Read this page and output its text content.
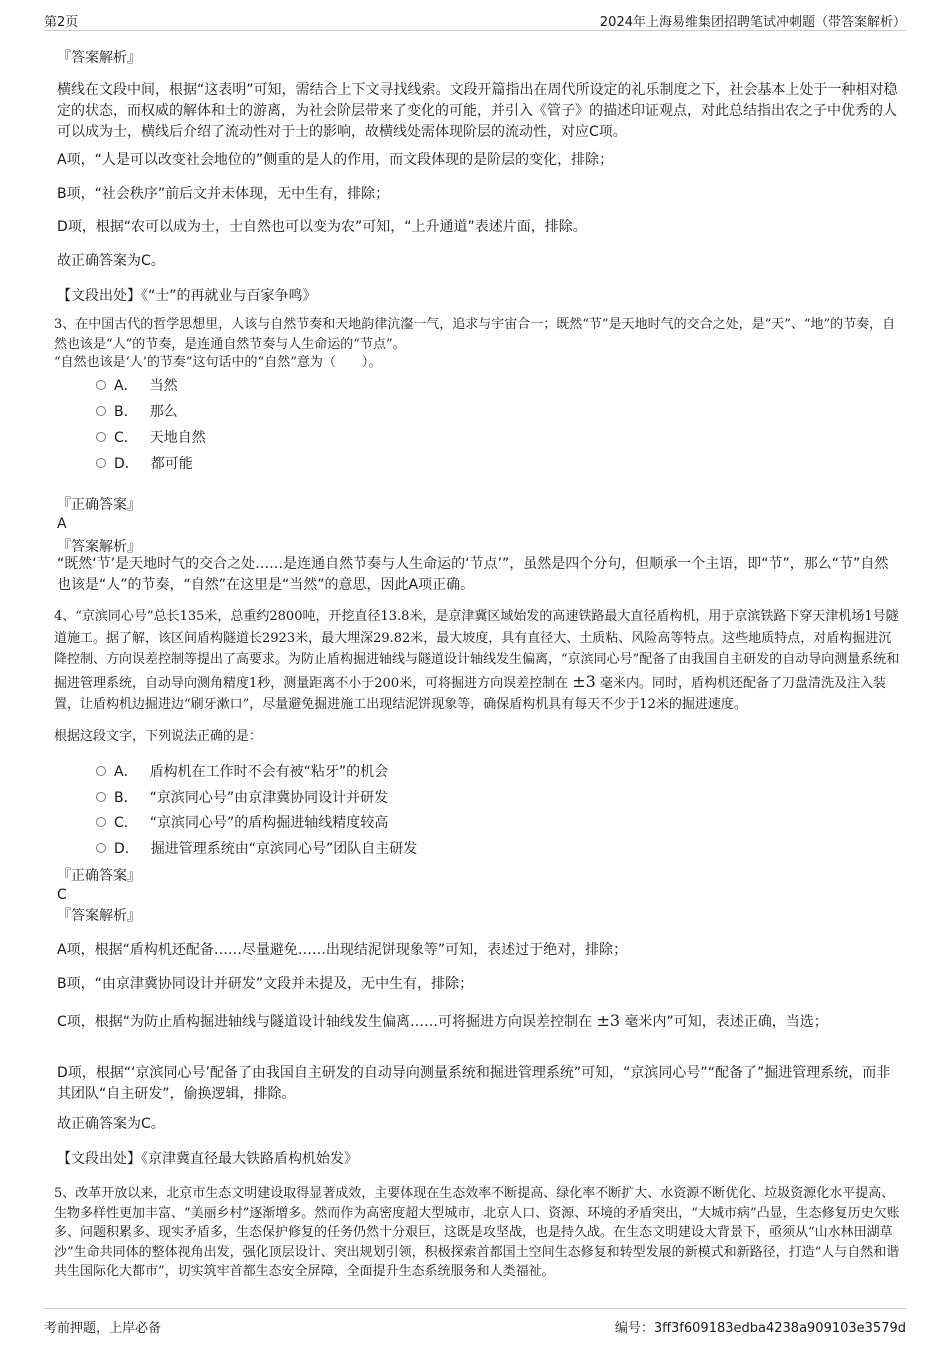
第2页	2024年上海易维集团招聘笔试冲刺题（带答案解析）
『答案解析』
横线在文段中间，根据“这表明”可知，需结合上下文寻找线索。文段开篇指出在周代所设定的礼乐制度之下，社会基本上处于一种相对稳定的状态，而权威的解体和士的游离，为社会阶层带来了变化的可能，并引入《管子》的描述印证观点，对此总结指出农之子中优秀的人可以成为士，横线后介绍了流动性对于士的影响，故横线处需体现阶层的流动性，对应C项。
A项，“人是可以改变社会地位的”侧重的是人的作用，而文段体现的是阶层的变化，排除；
B项，“社会秩序”前后文并未体现，无中生有，排除；
D项，根据“农可以成为士，士自然也可以变为农”可知，“上升通道”表述片面，排除。
故正确答案为C。
【文段出处】《“士”的再就业与百家争鸣》
3、在中国古代的哲学思想里，人该与自然节奏和天地韵律沆瀣一气，追求与宇宙合一；既然“节”是天地时气的交合之处，是“天”、“地”的节奏，自然也该是“人”的节奏，是连通自然节奏与人生命运的“节点”。
“自然也该是‘人’的节奏”这句话中的“自然”意为（　　）。
A． 当然
B． 那么
C． 天地自然
D． 都可能
『正确答案』
A
『答案解析』
“既然‘节’是天地时气的交合之处……是连通自然节奏与人生命运的‘节点’”，虽然是四个分句，但顺承一个主语，即“节”，那么“节”自然也该是“人”的节奏，“自然”在这里是“当然”的意思，因此A项正确。
4、“京滨同心号”总长135米，总重约2800吨，开挖直径13.8米，是京津冀区域始发的高速铁路最大直径盾构机，用于京滨铁路下穿天津机场1号隧道施工。据了解，该区间盾构隧道长2923米，最大埋深29.82米，最大坡度，具有直径大、土质粘、风险高等特点。这些地质特点，对盾构掘进沉降控制、方向误差控制等提出了高要求。为防止盾构掘进轴线与隧道设计轴线发生偏离，“京滨同心号”配备了由我国自主研发的自动导向测量系统和掘进管理系统，自动导向测角精度1秒，测量距离不小于200米，可将掘进方向误差控制在 ±3 毫米内。同时，盾构机还配备了刀盘清洗及注入装置，让盾构机边掘进边“刷牙漱口”，尽量避免掘进施工出现结泥饼现象等，确保盾构机具有每天不少于12米的掘进速度。
根据这段文字，下列说法正确的是：
A． 盾构机在工作时不会有被“粘牙”的机会
B． “京滨同心号”由京津冀协同设计并研发
C． “京滨同心号”的盾构掘进轴线精度较高
D． 掘进管理系统由“京滨同心号”团队自主研发
『正确答案』
C
『答案解析』
A项，根据“盾构机还配备……尽量避免……出现结泥饼现象等”可知，表述过于绝对，排除；
B项，“由京津冀协同设计并研发”文段并未提及，无中生有，排除；
C项，根据“为防止盾构掘进轴线与隧道设计轴线发生偏离……可将掘进方向误差控制在 ±3 毫米内”可知，表述正确，当选；
D项，根据“‘京滨同心号’配备了由我国自主研发的自动导向测量系统和掘进管理系统”可知，“京滨同心号”“配备了”掘进管理系统，而非其团队“自主研发”，偷换逻辑，排除。
故正确答案为C。
【文段出处】《京津冀直径最大铁路盾构机始发》
5、改革开放以来，北京市生态文明建设取得显著成效，主要体现在生态效率不断提高、绿化率不断扩大、水资源不断优化、垃圾资源化水平提高、生物多样性更加丰富、“美丽乡村”逐渐增多。然而作为高密度超大型城市，北京人口、资源、环境的矛盾突出，“大城市病”凸显，生态修复历史欠账多、问题积累多、现实矛盾多，生态保护修复的任务仍然十分艰巨，这既是攻坚战，也是持久战。在生态文明建设大背景下，亟须从“山水林田湖草沙”生命共同体的整体视角出发，强化顶层设计、突出规划引领，积极探索首都国土空间生态修复和转型发展的新模式和新路径，打造“人与自然和谐共生国际化大都市”，切实筑牢首都生态安全屏障，全面提升生态系统服务和人类福祉。
考前押题，上岸必备	编号：3ff3f609183edba4238a909103e3579d
